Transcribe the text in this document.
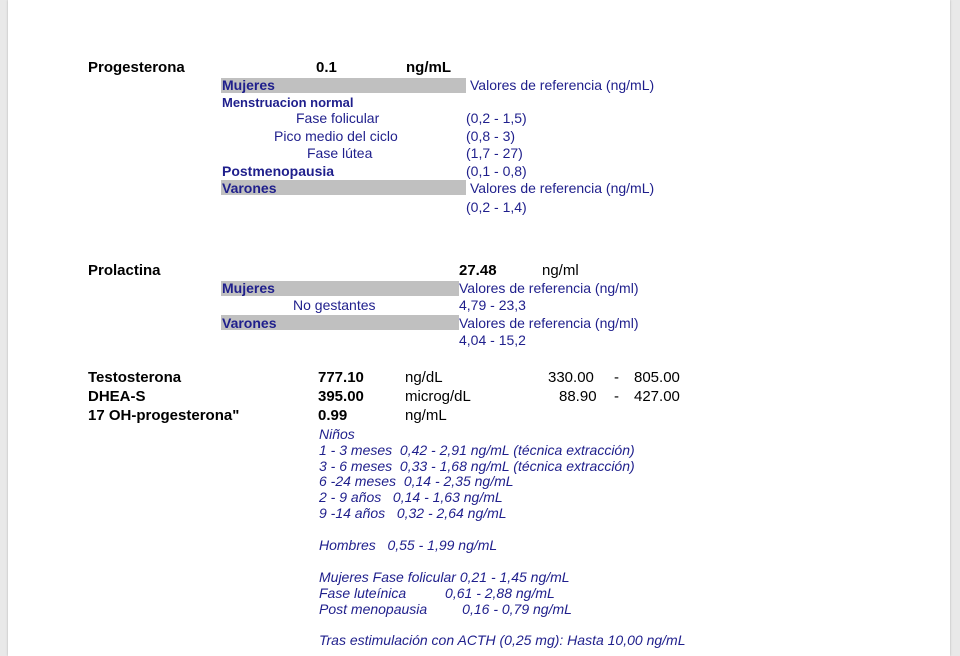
Progesterona	0.1	ng/mL
Mujeres	Valores de referencia (ng/mL)
Menstruacion normal
Fase folicular	(0,2 - 1,5)
Pico medio del ciclo	(0,8 - 3)
Fase lútea	(1,7 - 27)
Postmenopausia	(0,1 - 0,8)
Varones	Valores de referencia (ng/mL)
(0,2 - 1,4)
Prolactina	27.48	ng/ml
Mujeres	Valores de referencia (ng/ml)
No gestantes	4,79 - 23,3
Varones	Valores de referencia (ng/ml)
4,04 - 15,2
Testosterona	777.10	ng/dL	330.00 - 805.00
DHEA-S	395.00	microg/dL	88.90 - 427.00
17 OH-progesterona"	0.99	ng/mL
Niños
1 - 3 meses  0,42 - 2,91 ng/mL (técnica extracción)
3 - 6 meses  0,33 - 1,68 ng/mL (técnica extracción)
6 -24 meses  0,14 - 2,35 ng/mL
2 - 9 años   0,14 - 1,63 ng/mL
9 -14 años   0,32 - 2,64 ng/mL
Hombres   0,55 - 1,99 ng/mL
Mujeres Fase folicular 0,21 - 1,45 ng/mL
Fase luteínica          0,61 - 2,88 ng/mL
Post menopausia         0,16 - 0,79 ng/mL
Tras estimulación con ACTH (0,25 mg): Hasta 10,00 ng/mL
